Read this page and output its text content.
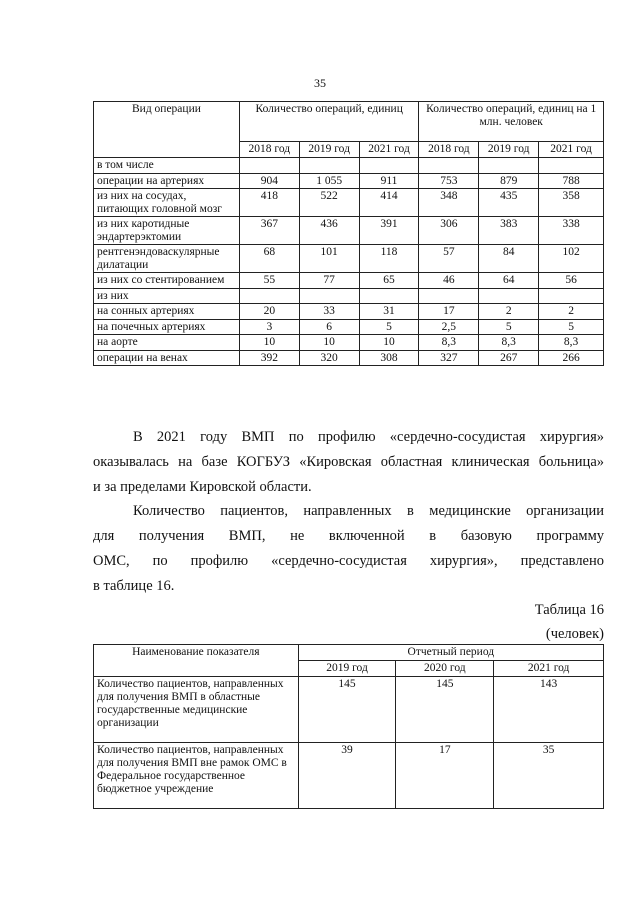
35
Вид операции	Количество операций, единиц			Количество операций, единиц на 1 млн. человек		
	2018 год	2019 год	2021 год	2018 год	2019 год	2021 год
в том числе						
операции на артериях	904	1 055	911	753	879	788
из них на сосудах, питающих головной мозг	418	522	414	348	435	358
из них каротидные эндартерэктомии	367	436	391	306	383	338
рентгенэндоваскулярные дилатации	68	101	118	57	84	102
из них со стентированием	55	77	65	46	64	56
из них						
на сонных артериях	20	33	31	17	2	2
на почечных артериях	3	6	5	2,5	5	5
на аорте	10	10	10	8,3	8,3	8,3
операции на венах	392	320	308	327	267	266
В 2021 году ВМП по профилю «сердечно-сосудистая хирургия»
оказывалась на базе КОГБУЗ «Кировская областная клиническая больница»
и за пределами Кировской области.
Количество пациентов, направленных в медицинские организации
для получения ВМП, не включенной в базовую программу
ОМС, по профилю «сердечно-сосудистая хирургия», представлено
в таблице 16.
Таблица 16
(человек)
Наименование показателя	Отчетный период		
	2019 год	2020 год	2021 год
Количество пациентов, направленных для получения ВМП в областные государственные медицинские организации	145	145	143
Количество пациентов, направленных для получения ВМП вне рамок ОМС в Федеральное государственное бюджетное учреждение	39	17	35
